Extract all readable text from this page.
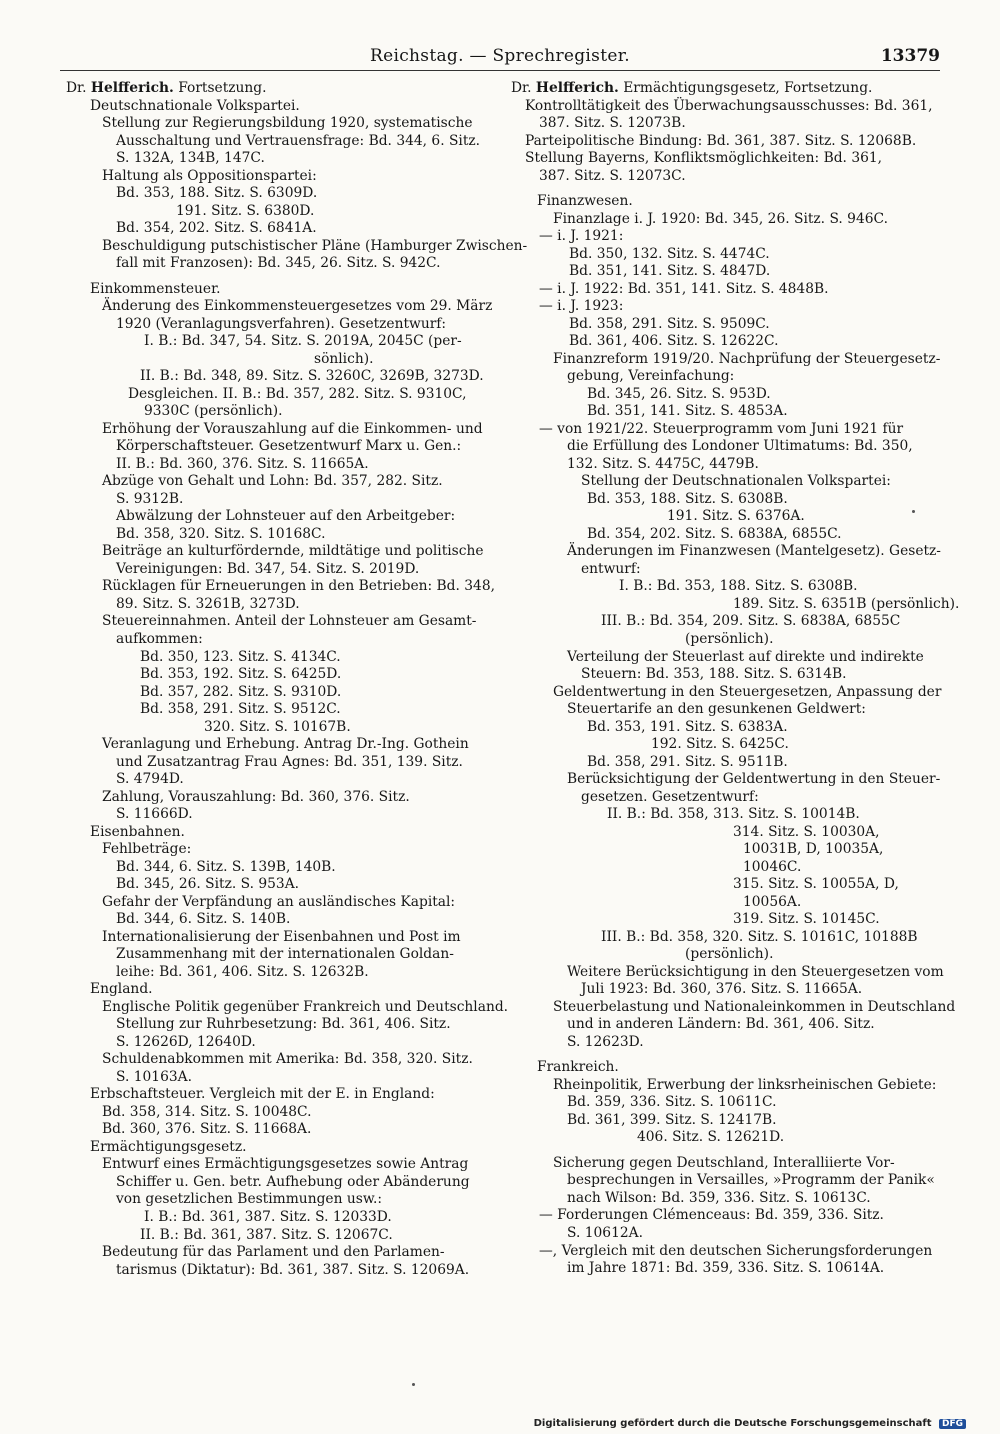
Reichstag. — Sprechregister.	13379
Dr. Helfferich. Fortsetzung.
Deutschnationale Volkspartei.
Stellung zur Regierungsbildung 1920, systematische
Ausschaltung und Vertrauensfrage: Bd. 344, 6. Sitz.
S. 132A, 134B, 147C.
Haltung als Oppositionspartei:
Bd. 353, 188. Sitz. S. 6309D.
191. Sitz. S. 6380D.
Bd. 354, 202. Sitz. S. 6841A.
Beschuldigung putschistischer Pläne (Hamburger Zwischen-
fall mit Franzosen): Bd. 345, 26. Sitz. S. 942C.
Einkommensteuer.
Änderung des Einkommensteuergesetzes vom 29. März
1920 (Veranlagungsverfahren). Gesetzentwurf:
I. B.: Bd. 347, 54. Sitz. S. 2019A, 2045C (per-
sönlich).
II. B.: Bd. 348, 89. Sitz. S. 3260C, 3269B, 3273D.
Desgleichen. II. B.: Bd. 357, 282. Sitz. S. 9310C,
9330C (persönlich).
Erhöhung der Vorauszahlung auf die Einkommen- und
Körperschaftsteuer. Gesetzentwurf Marx u. Gen.:
II. B.: Bd. 360, 376. Sitz. S. 11665A.
Abzüge von Gehalt und Lohn: Bd. 357, 282. Sitz.
S. 9312B.
Abwälzung der Lohnsteuer auf den Arbeitgeber:
Bd. 358, 320. Sitz. S. 10168C.
Beiträge an kulturfördernde, mildtätige und politische
Vereinigungen: Bd. 347, 54. Sitz. S. 2019D.
Rücklagen für Erneuerungen in den Betrieben: Bd. 348,
89. Sitz. S. 3261B, 3273D.
Steuereinnahmen. Anteil der Lohnsteuer am Gesamt-
aufkommen:
Bd. 350, 123. Sitz. S. 4134C.
Bd. 353, 192. Sitz. S. 6425D.
Bd. 357, 282. Sitz. S. 9310D.
Bd. 358, 291. Sitz. S. 9512C.
320. Sitz. S. 10167B.
Veranlagung und Erhebung. Antrag Dr.-Ing. Gothein
und Zusatzantrag Frau Agnes: Bd. 351, 139. Sitz.
S. 4794D.
Zahlung, Vorauszahlung: Bd. 360, 376. Sitz.
S. 11666D.
Eisenbahnen.
Fehlbeträge:
Bd. 344, 6. Sitz. S. 139B, 140B.
Bd. 345, 26. Sitz. S. 953A.
Gefahr der Verpfändung an ausländisches Kapital:
Bd. 344, 6. Sitz. S. 140B.
Internationalisierung der Eisenbahnen und Post im
Zusammenhang mit der internationalen Goldan-
leihe: Bd. 361, 406. Sitz. S. 12632B.
England.
Englische Politik gegenüber Frankreich und Deutschland.
Stellung zur Ruhrbesetzung: Bd. 361, 406. Sitz.
S. 12626D, 12640D.
Schuldenabkommen mit Amerika: Bd. 358, 320. Sitz.
S. 10163A.
Erbschaftsteuer. Vergleich mit der E. in England:
Bd. 358, 314. Sitz. S. 10048C.
Bd. 360, 376. Sitz. S. 11668A.
Ermächtigungsgesetz.
Entwurf eines Ermächtigungsgesetzes sowie Antrag
Schiffer u. Gen. betr. Aufhebung oder Abänderung
von gesetzlichen Bestimmungen usw.:
I. B.: Bd. 361, 387. Sitz. S. 12033D.
II. B.: Bd. 361, 387. Sitz. S. 12067C.
Bedeutung für das Parlament und den Parlamen-
tarismus (Diktatur): Bd. 361, 387. Sitz. S. 12069A.
Dr. Helfferich. Ermächtigungsgesetz, Fortsetzung.
Kontrolltätigkeit des Überwachungsausschusses: Bd. 361,
387. Sitz. S. 12073B.
Parteipolitische Bindung: Bd. 361, 387. Sitz. S. 12068B.
Stellung Bayerns, Konfliktsmöglichkeiten: Bd. 361,
387. Sitz. S. 12073C.
Finanzwesen.
Finanzlage i. J. 1920: Bd. 345, 26. Sitz. S. 946C.
— i. J. 1921:
Bd. 350, 132. Sitz. S. 4474C.
Bd. 351, 141. Sitz. S. 4847D.
— i. J. 1922: Bd. 351, 141. Sitz. S. 4848B.
— i. J. 1923:
Bd. 358, 291. Sitz. S. 9509C.
Bd. 361, 406. Sitz. S. 12622C.
Finanzreform 1919/20. Nachprüfung der Steuergesetz-
gebung, Vereinfachung:
Bd. 345, 26. Sitz. S. 953D.
Bd. 351, 141. Sitz. S. 4853A.
— von 1921/22. Steuerprogramm vom Juni 1921 für
die Erfüllung des Londoner Ultimatums: Bd. 350,
132. Sitz. S. 4475C, 4479B.
Stellung der Deutschnationalen Volkspartei:
Bd. 353, 188. Sitz. S. 6308B.
191. Sitz. S. 6376A.
Bd. 354, 202. Sitz. S. 6838A, 6855C.
Änderungen im Finanzwesen (Mantelgesetz). Gesetz-
entwurf:
I. B.: Bd. 353, 188. Sitz. S. 6308B.
189. Sitz. S. 6351B (persönlich).
III. B.: Bd. 354, 209. Sitz. S. 6838A, 6855C
(persönlich).
Verteilung der Steuerlast auf direkte und indirekte
Steuern: Bd. 353, 188. Sitz. S. 6314B.
Geldentwertung in den Steuergesetzen, Anpassung der
Steuertarife an den gesunkenen Geldwert:
Bd. 353, 191. Sitz. S. 6383A.
192. Sitz. S. 6425C.
Bd. 358, 291. Sitz. S. 9511B.
Berücksichtigung der Geldentwertung in den Steuer-
gesetzen. Gesetzentwurf:
II. B.: Bd. 358, 313. Sitz. S. 10014B.
314. Sitz. S. 10030A,
10031B, D, 10035A,
10046C.
315. Sitz. S. 10055A, D,
10056A.
319. Sitz. S. 10145C.
III. B.: Bd. 358, 320. Sitz. S. 10161C, 10188B
(persönlich).
Weitere Berücksichtigung in den Steuergesetzen vom
Juli 1923: Bd. 360, 376. Sitz. S. 11665A.
Steuerbelastung und Nationaleinkommen in Deutschland
und in anderen Ländern: Bd. 361, 406. Sitz.
S. 12623D.
Frankreich.
Rheinpolitik, Erwerbung der linksrheinischen Gebiete:
Bd. 359, 336. Sitz. S. 10611C.
Bd. 361, 399. Sitz. S. 12417B.
406. Sitz. S. 12621D.
Sicherung gegen Deutschland, Interalliierte Vor-
besprechungen in Versailles, »Programm der Panik«
nach Wilson: Bd. 359, 336. Sitz. S. 10613C.
— Forderungen Clémenceaus: Bd. 359, 336. Sitz.
S. 10612A.
—, Vergleich mit den deutschen Sicherungsforderungen
im Jahre 1871: Bd. 359, 336. Sitz. S. 10614A.
Digitalisierung gefördert durch die Deutsche Forschungsgemeinschaft DFG
